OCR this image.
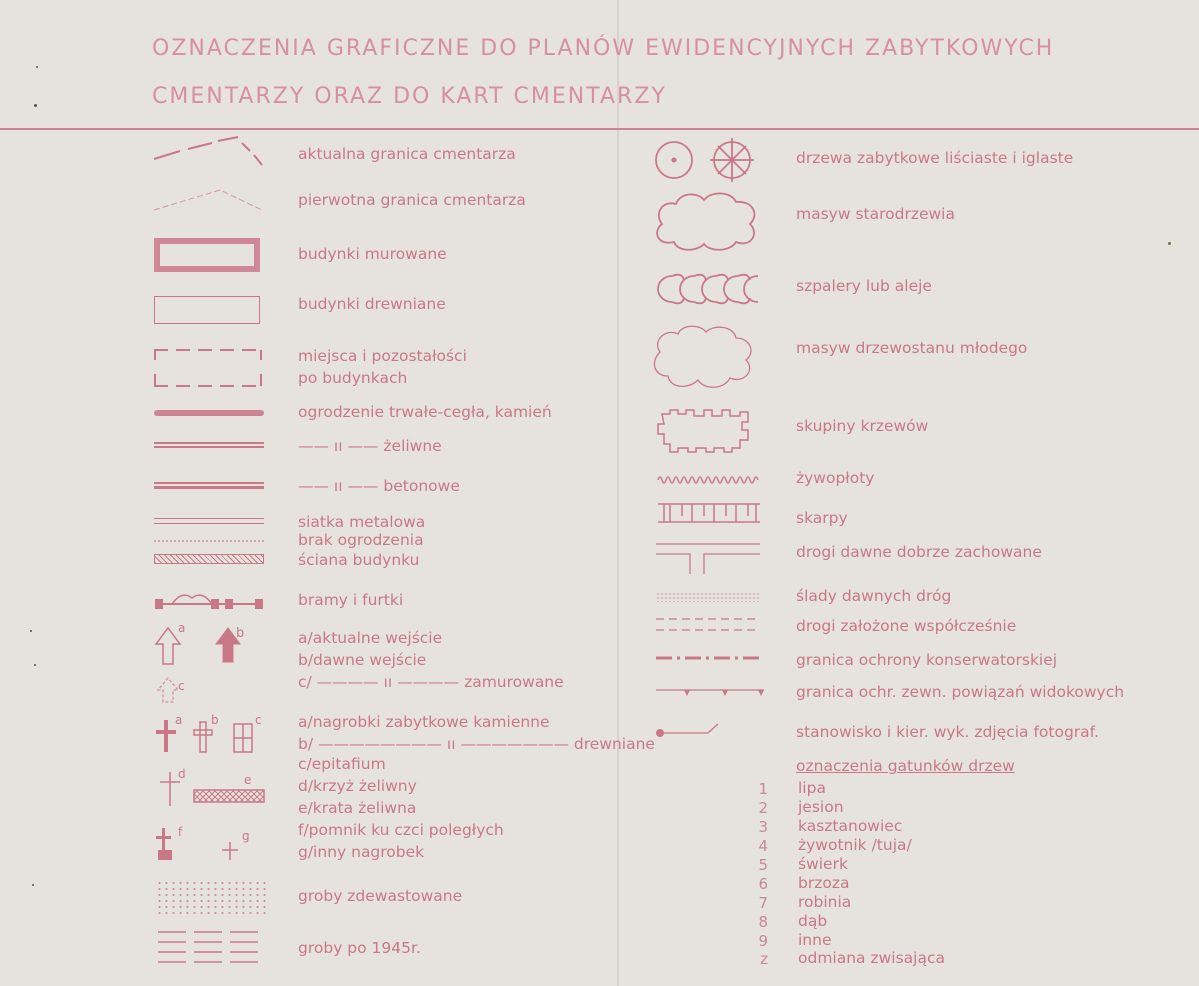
OZNACZENIA GRAFICZNE DO PLANÓW EWIDENCYJNYCH ZABYTKOWYCH
CMENTARZY ORAZ DO KART CMENTARZY
a	b
c
a b	c
d	e
f	g
aktualna granica cmentarza
pierwotna granica cmentarza
budynki murowane
budynki drewniane
miejsca i pozostałości
po budynkach
ogrodzenie trwałe-cegła, kamień
—— ıı —— żeliwne
—— ıı —— betonowe
siatka metalowa
brak ogrodzenia
ściana budynku
bramy i furtki
a/aktualne wejście
b/dawne wejście
c/ ———— ıı ———— zamurowane
a/nagrobki zabytkowe kamienne
b/ ———————— ıı ——————— drewniane
c/epitafium
d/krzyż żeliwny
e/krata żeliwna
f/pomnik ku czci poległych
g/inny nagrobek
groby zdewastowane
groby po 1945r.
drzewa zabytkowe liściaste i iglaste
masyw starodrzewia
szpalery lub aleje
masyw drzewostanu młodego
skupiny krzewów
żywopłoty
skarpy
drogi dawne dobrze zachowane
ślady dawnych dróg
drogi założone współcześnie
granica ochrony konserwatorskiej
granica ochr. zewn. powiązań widokowych
stanowisko i kier. wyk. zdjęcia fotograf.
oznaczenia gatunków drzew
1 lipa
2 jesion
3 kasztanowiec
4 żywotnik /tuja/
5 świerk
6 brzoza
7 robinia
8 dąb
9 inne
z odmiana zwisająca
